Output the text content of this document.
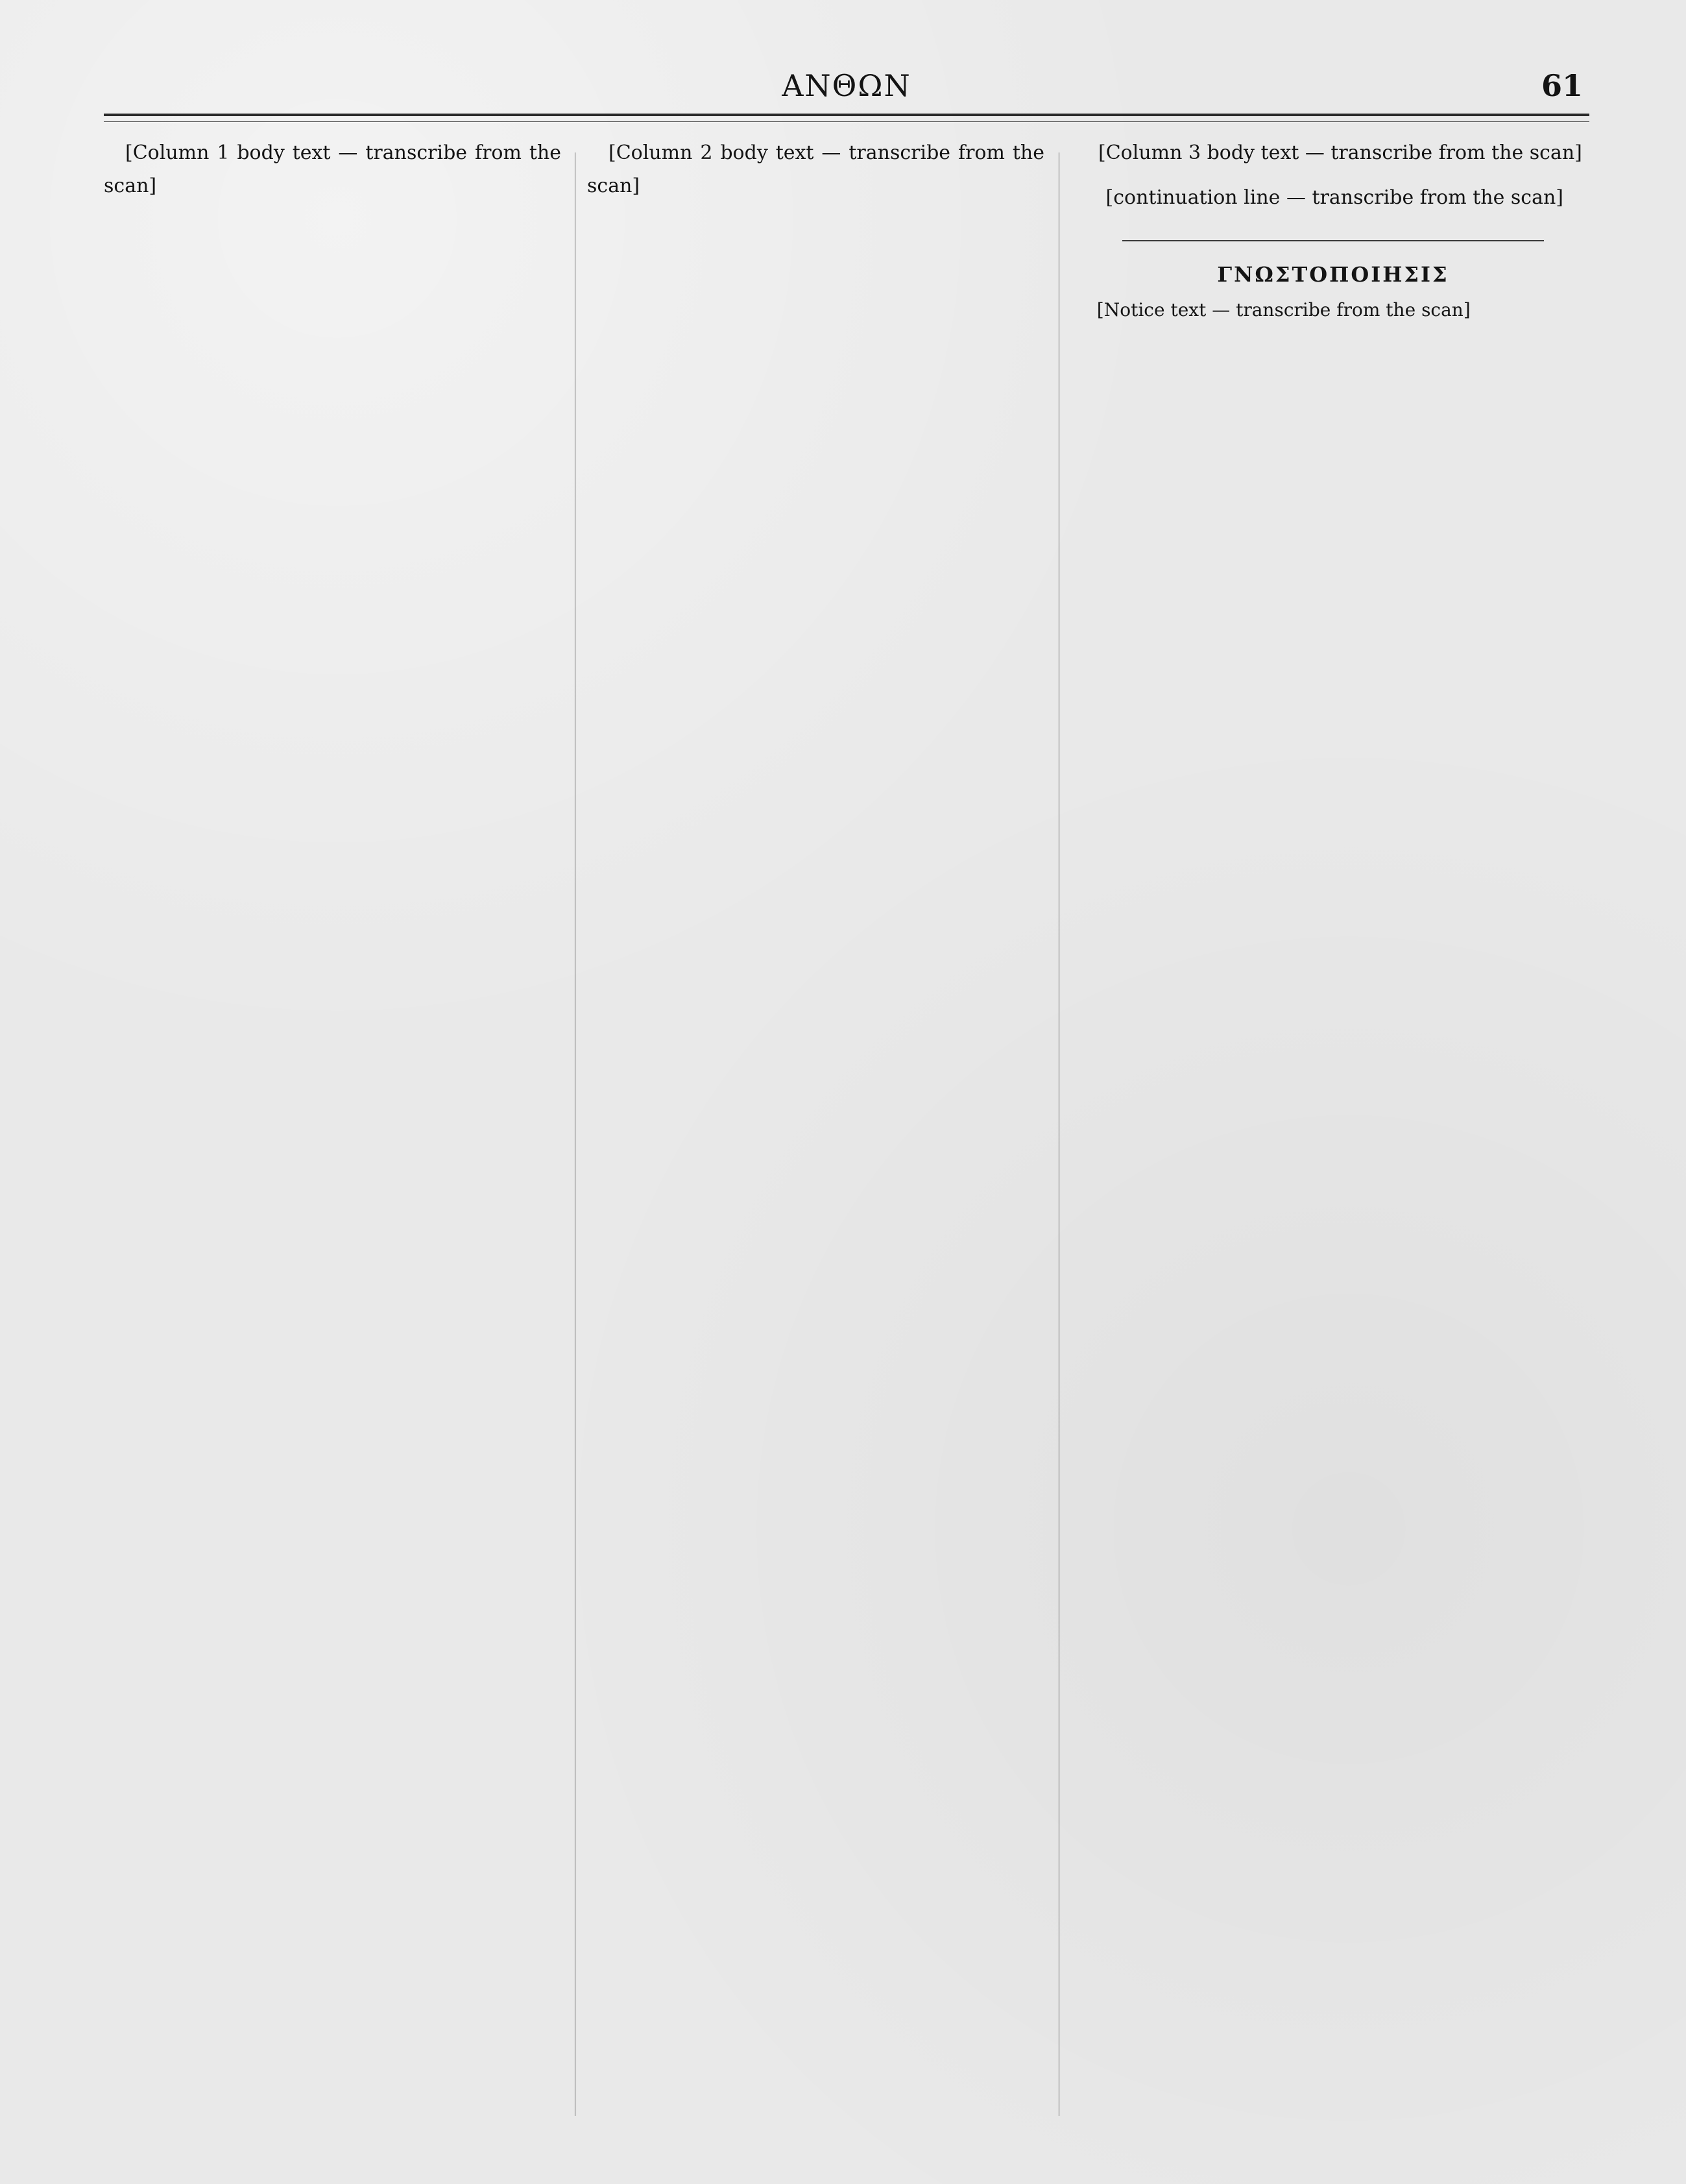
ΑΝΘΩΝ	61

[Column 1 body text — transcribe from the scan]

[Column 2 body text — transcribe from the scan]

[Column 3 body text — transcribe from the scan]

[continuation line — transcribe from the scan]
ΓΝΩΣΤΟΠΟΙΗΣΙΣ

[Notice text — transcribe from the scan]
